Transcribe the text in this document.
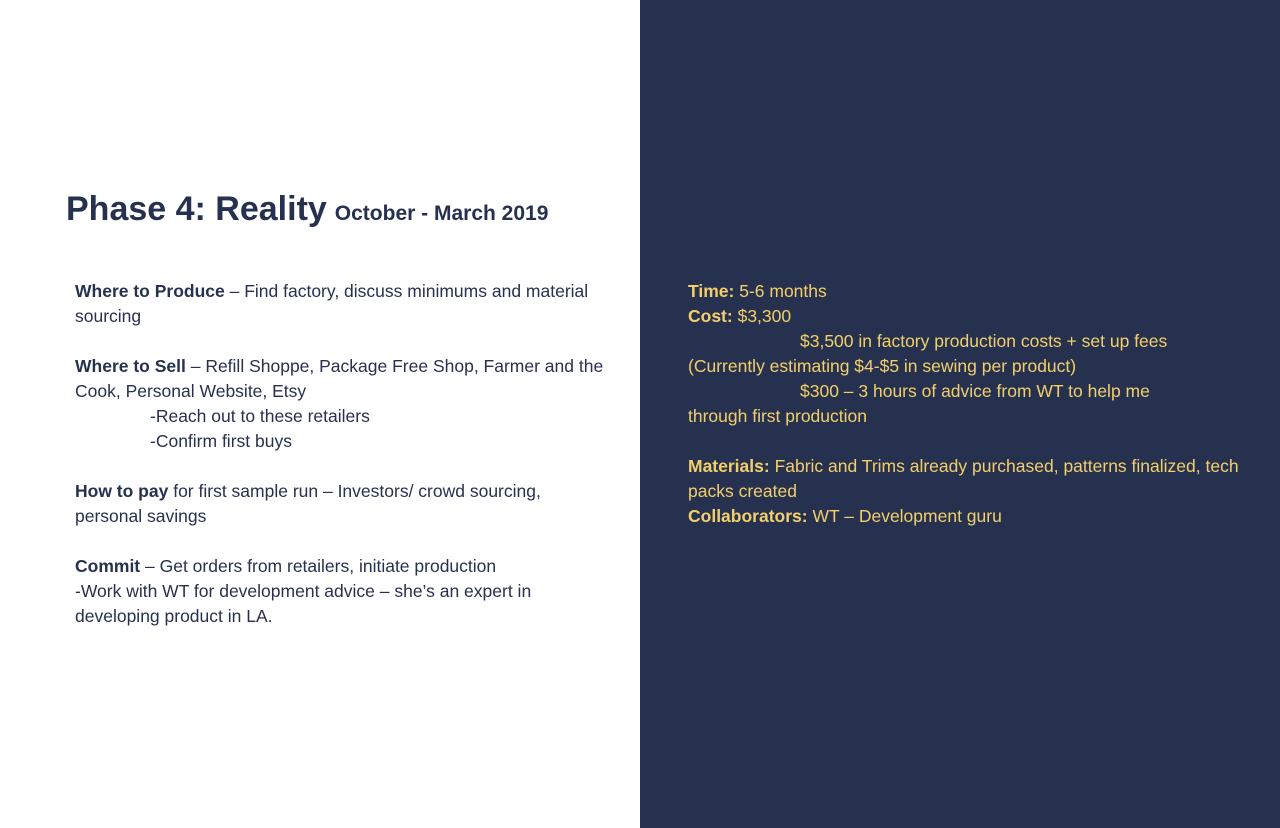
Phase 4: Reality October - March 2019

Where to Produce – Find factory, discuss minimums and material sourcing

Where to Sell – Refill Shoppe, Package Free Shop, Farmer and the Cook, Personal Website, Etsy
-Reach out to these retailers
-Confirm first buys

How to pay for first sample run – Investors/ crowd sourcing, personal savings

Commit – Get orders from retailers, initiate production
-Work with WT for development advice – she’s an expert in developing product in LA.
Time: 5-6 months
Cost: $3,300
$3,500 in factory production costs + set up fees
(Currently estimating $4-$5 in sewing per product)
$300 – 3 hours of advice from WT to help me
through first production
Materials: Fabric and Trims already purchased, patterns finalized, tech packs created
Collaborators: WT – Development guru
